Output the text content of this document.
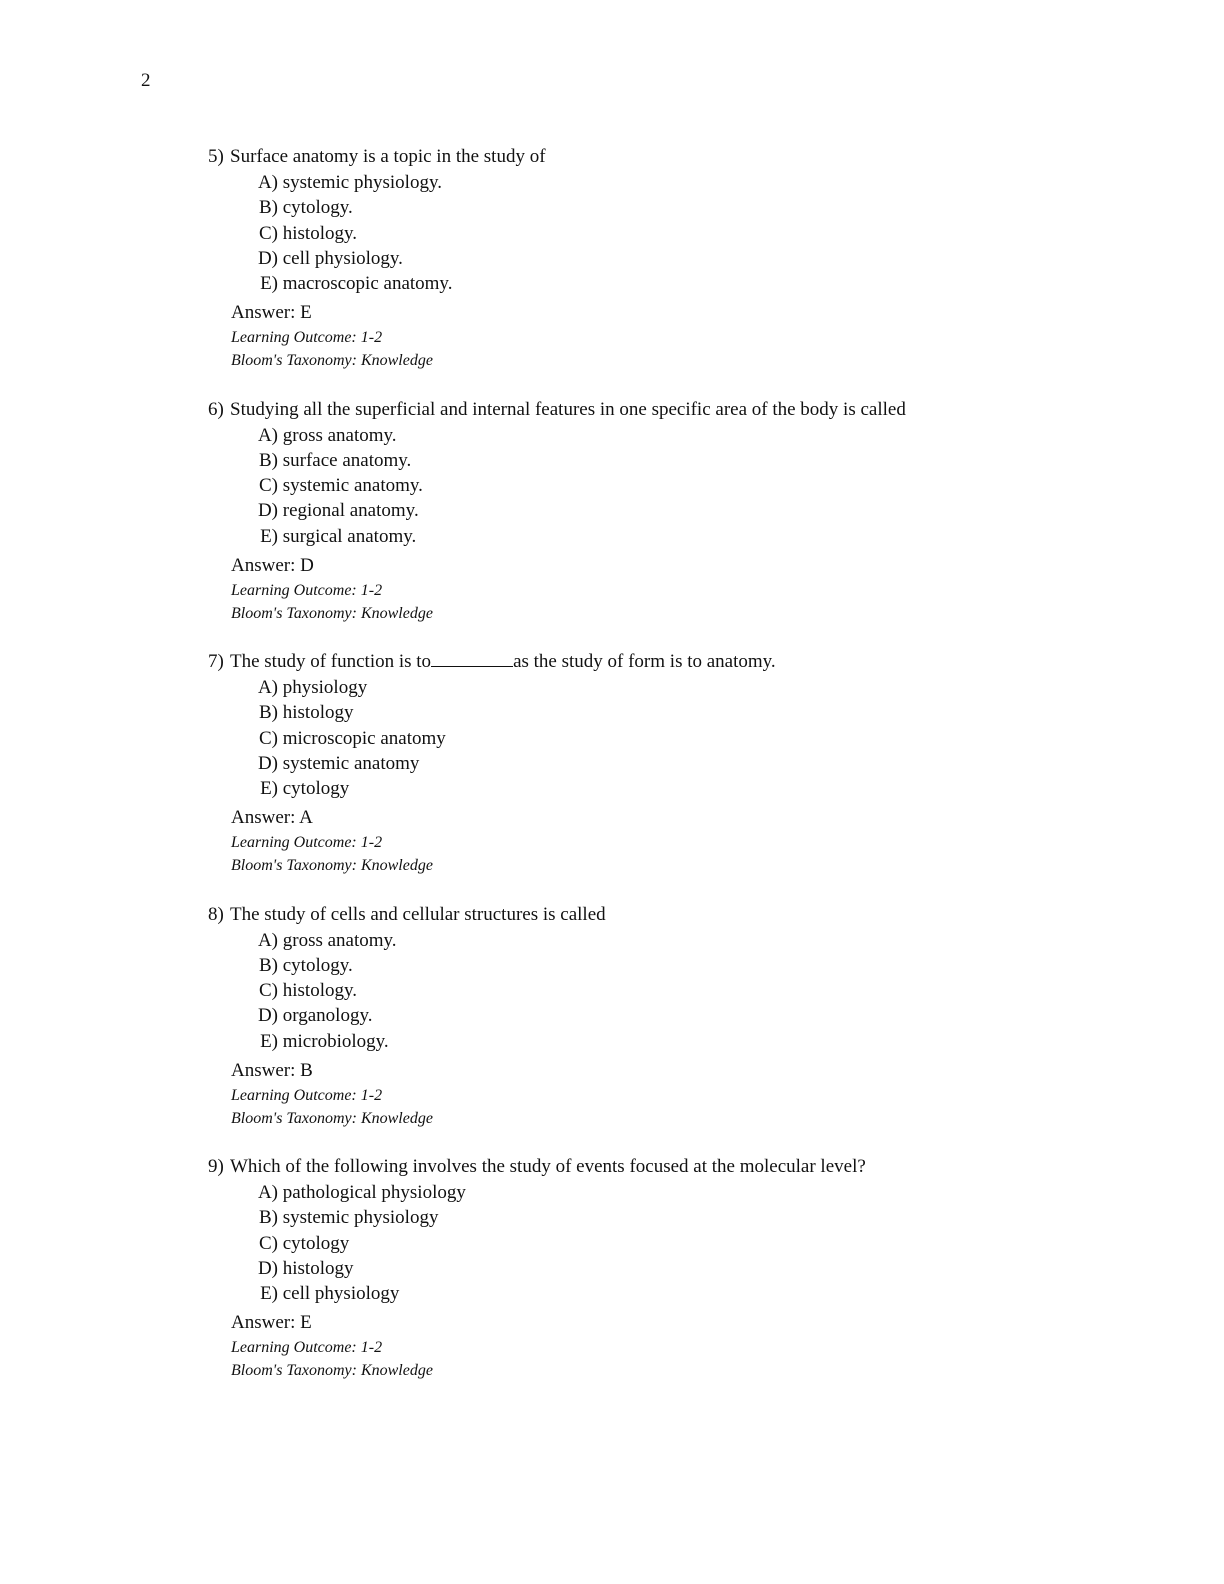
2
5) Surface anatomy is a topic in the study of
A) systemic physiology.
B) cytology.
C) histology.
D) cell physiology.
E) macroscopic anatomy.
Answer: E
Learning Outcome: 1-2
Bloom's Taxonomy: Knowledge
6) Studying all the superficial and internal features in one specific area of the body is called
A) gross anatomy.
B) surface anatomy.
C) systemic anatomy.
D) regional anatomy.
E) surgical anatomy.
Answer: D
Learning Outcome: 1-2
Bloom's Taxonomy: Knowledge
7) The study of function is to	as the study of form is to anatomy.
A) physiology
B) histology
C) microscopic anatomy
D) systemic anatomy
E) cytology
Answer: A
Learning Outcome: 1-2
Bloom's Taxonomy: Knowledge
8) The study of cells and cellular structures is called
A) gross anatomy.
B) cytology.
C) histology.
D) organology.
E) microbiology.
Answer: B
Learning Outcome: 1-2
Bloom's Taxonomy: Knowledge
9) Which of the following involves the study of events focused at the molecular level?
A) pathological physiology
B) systemic physiology
C) cytology
D) histology
E) cell physiology
Answer: E
Learning Outcome: 1-2
Bloom's Taxonomy: Knowledge
